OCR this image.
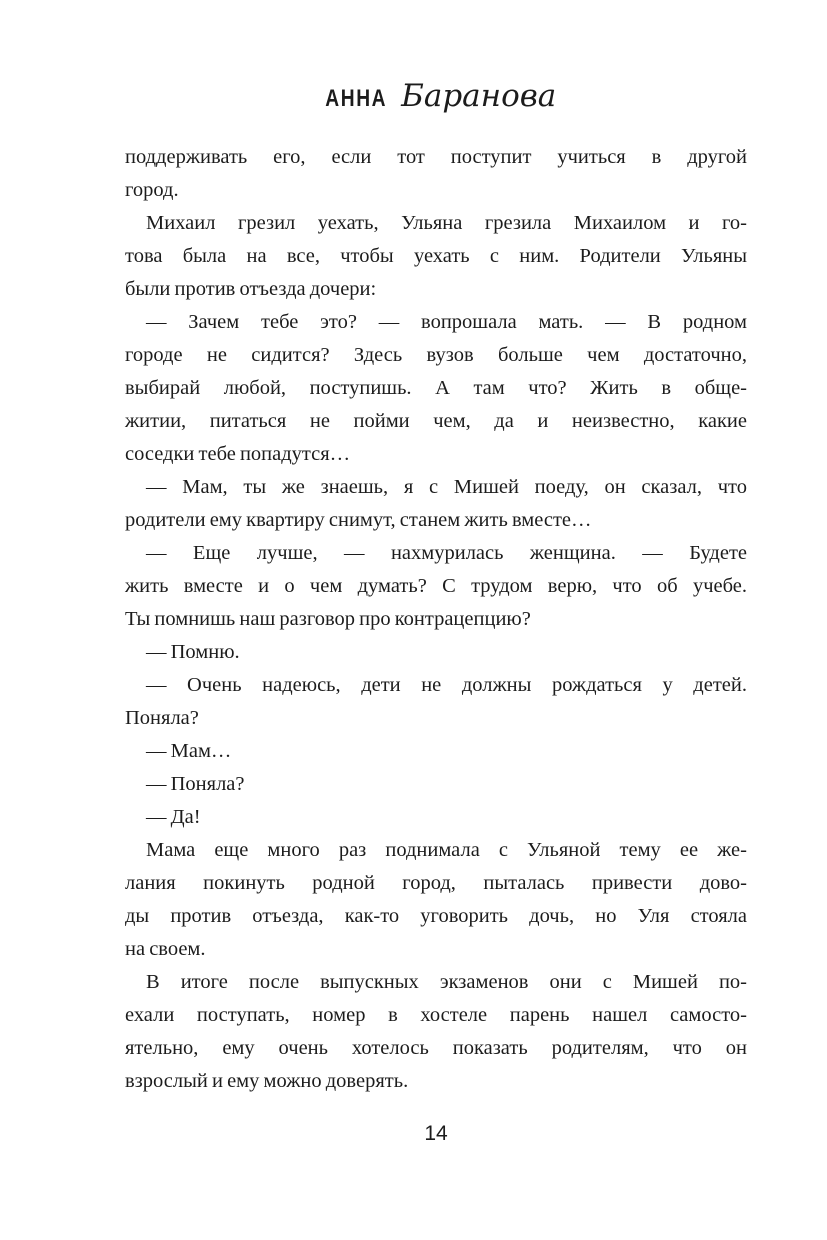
АННА Баранова
поддерживать его, если тот поступит учиться в другой
город.
Михаил грезил уехать, Ульяна грезила Михаилом и го-
това была на все, чтобы уехать с ним. Родители Ульяны
были против отъезда дочери:
— Зачем тебе это? — вопрошала мать. — В родном
городе не сидится? Здесь вузов больше чем достаточно,
выбирай любой, поступишь. А там что? Жить в обще-
житии, питаться не пойми чем, да и неизвестно, какие
соседки тебе попадутся…
— Мам, ты же знаешь, я с Мишей поеду, он сказал, что
родители ему квартиру снимут, станем жить вместе…
— Еще лучше, — нахмурилась женщина. — Будете
жить вместе и о чем думать? С трудом верю, что об учебе.
Ты помнишь наш разговор про контрацепцию?
— Помню.
— Очень надеюсь, дети не должны рождаться у детей.
Поняла?
— Мам…
— Поняла?
— Да!
Мама еще много раз поднимала с Ульяной тему ее же-
лания покинуть родной город, пыталась привести дово-
ды против отъезда, как-то уговорить дочь, но Уля стояла
на своем.
В итоге после выпускных экзаменов они с Мишей по-
ехали поступать, номер в хостеле парень нашел самосто-
ятельно, ему очень хотелось показать родителям, что он
взрослый и ему можно доверять.
14
